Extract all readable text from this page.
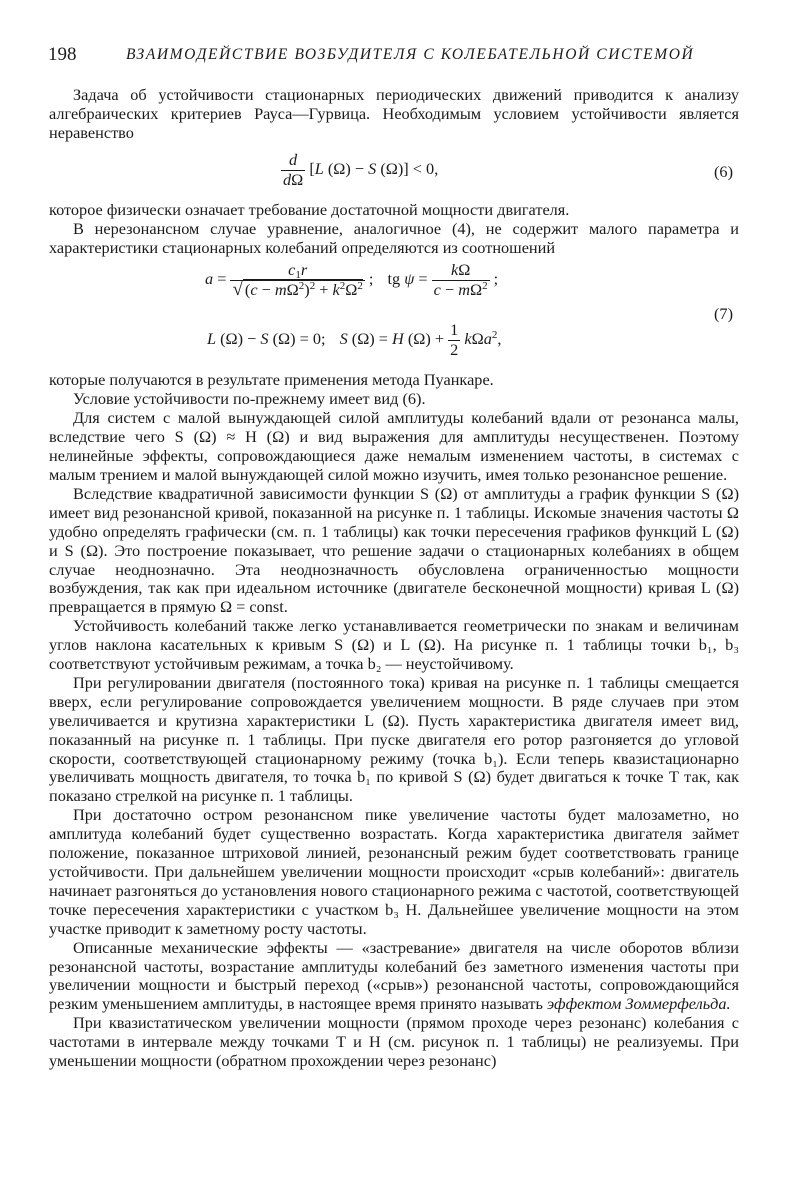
198	ВЗАИМОДЕЙСТВИЕ ВОЗБУДИТЕЛЯ С КОЛЕБАТЕЛЬНОЙ СИСТЕМОЙ

Задача об устойчивости стационарных периодических движений приводится к анализу алгебраических критериев Рауса—Гурвица. Необходимым условием устойчивости является неравенство

$\frac{d}{d\Omega} [L$ (Ω) − S (Ω)] < 0,	(6)

которое физически означает требование достаточной мощности двигателя.

В нерезонансном случае уравнение, аналогичное (4), не содержит малого параметра и характеристики стационарных колебаний определяются из соотношений

$a = \frac{c_1r}{√ (c - m\Omega^2)^2 + k^2\Omega^2}$ ; tg $\psi = \frac{k\Omega}{c - m\Omega^2}$ ;
L (Ω) − S (Ω) = 0; S (Ω) = H $(\Omega) + \frac{1}{2} k\Omega a^2$,
(7)

которые получаются в результате применения метода Пуанкаре.

Условие устойчивости по-прежнему имеет вид (6).

Для систем с малой вынуждающей силой амплитуды колебаний вдали от резонанса малы, вследствие чего S (Ω) ≈ H (Ω) и вид выражения для амплитуды несущественен. Поэтому нелинейные эффекты, сопровождающиеся даже немалым изменением частоты, в системах с малым трением и малой вынуждающей силой можно изучить, имея только резонансное решение.

Вследствие квадратичной зависимости функции S (Ω) от амплитуды a график функции S (Ω) имеет вид резонансной кривой, показанной на рисунке п. 1 таблицы. Искомые значения частоты Ω удобно определять графически (см. п. 1 таблицы) как точки пересечения графиков функций L (Ω) и S (Ω). Это построение показывает, что решение задачи о стационарных колебаниях в общем случае неоднозначно. Эта неоднозначность обусловлена ограниченностью мощности возбуждения, так как при идеальном источнике (двигателе бесконечной мощности) кривая L (Ω) превращается в прямую Ω = const.

Устойчивость колебаний также легко устанавливается геометрически по знакам и величинам углов наклона касательных к кривым S (Ω) и L (Ω). На рисунке п. 1 таблицы точки b₁, b₃ соответствуют устойчивым режимам, а точка b₂ — неустойчивому.

При регулировании двигателя (постоянного тока) кривая на рисунке п. 1 таблицы смещается вверх, если регулирование сопровождается увеличением мощности. В ряде случаев при этом увеличивается и крутизна характеристики L (Ω). Пусть характеристика двигателя имеет вид, показанный на рисунке п. 1 таблицы. При пуске двигателя его ротор разгоняется до угловой скорости, соответствующей стационарному режиму (точка b₁). Если теперь квазистационарно увеличивать мощность двигателя, то точка b₁ по кривой S (Ω) будет двигаться к точке T так, как показано стрелкой на рисунке п. 1 таблицы.

При достаточно остром резонансном пике увеличение частоты будет малозаметно, но амплитуда колебаний будет существенно возрастать. Когда характеристика двигателя займет положение, показанное штриховой линией, резонансный режим будет соответствовать границе устойчивости. При дальнейшем увеличении мощности происходит «срыв колебаний»: двигатель начинает разгоняться до установления нового стационарного режима с частотой, соответствующей точке пересечения характеристики с участком b₃ H. Дальнейшее увеличение мощности на этом участке приводит к заметному росту частоты.

Описанные механические эффекты — «застревание» двигателя на числе оборотов вблизи резонансной частоты, возрастание амплитуды колебаний без заметного изменения частоты при увеличении мощности и быстрый переход («срыв») резонансной частоты, сопровождающийся резким уменьшением амплитуды, в настоящее время принято называть эффектом Зоммерфельда.

При квазистатическом увеличении мощности (прямом проходе через резонанс) колебания с частотами в интервале между точками T и H (см. рисунок п. 1 таблицы) не реализуемы. При уменьшении мощности (обратном прохождении через резонанс)
